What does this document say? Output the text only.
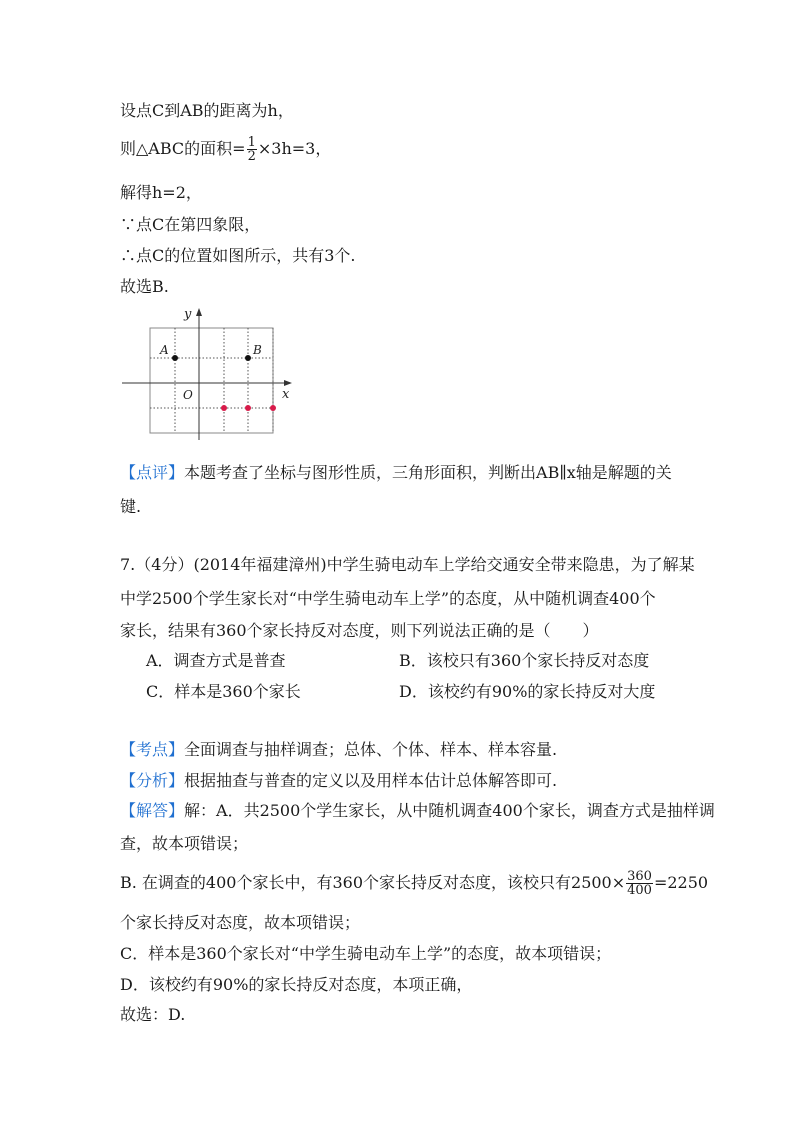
设点C到AB的距离为h，
则△ABC的面积= $\frac{1}{2} \times 3h=3$，
解得h=2，
∵点C在第四象限，
∴点C的位置如图所示，共有3个.
故选B.
y
x
O
A	B
【点评】本题考查了坐标与图形性质，三角形面积，判断出AB∥x轴是解题的关
键.
7.（4分）(2014年福建漳州)中学生骑电动车上学给交通安全带来隐患，为了解某
中学2500个学生家长对“中学生骑电动车上学”的态度，从中随机调查400个
家长，结果有360个家长持反对态度，则下列说法正确的是（　　）
A．调查方式是普查	B．该校只有360个家长持反对态度
C．样本是360个家长	D．该校约有90%的家长持反对大度
【考点】全面调查与抽样调查；总体、个体、样本、样本容量.
【分析】根据抽查与普查的定义以及用样本估计总体解答即可.
【解答】解：A．共2500个学生家长，从中随机调查400个家长，调查方式是抽样调
查，故本项错误；
B. 在调查的400个家长中，有360个家长持反对态度，该校只有$2500\times \frac{360}{400} =2250$
个家长持反对态度，故本项错误；
C．样本是360个家长对“中学生骑电动车上学”的态度，故本项错误；
D．该校约有90%的家长持反对态度，本项正确，
故选：D.
